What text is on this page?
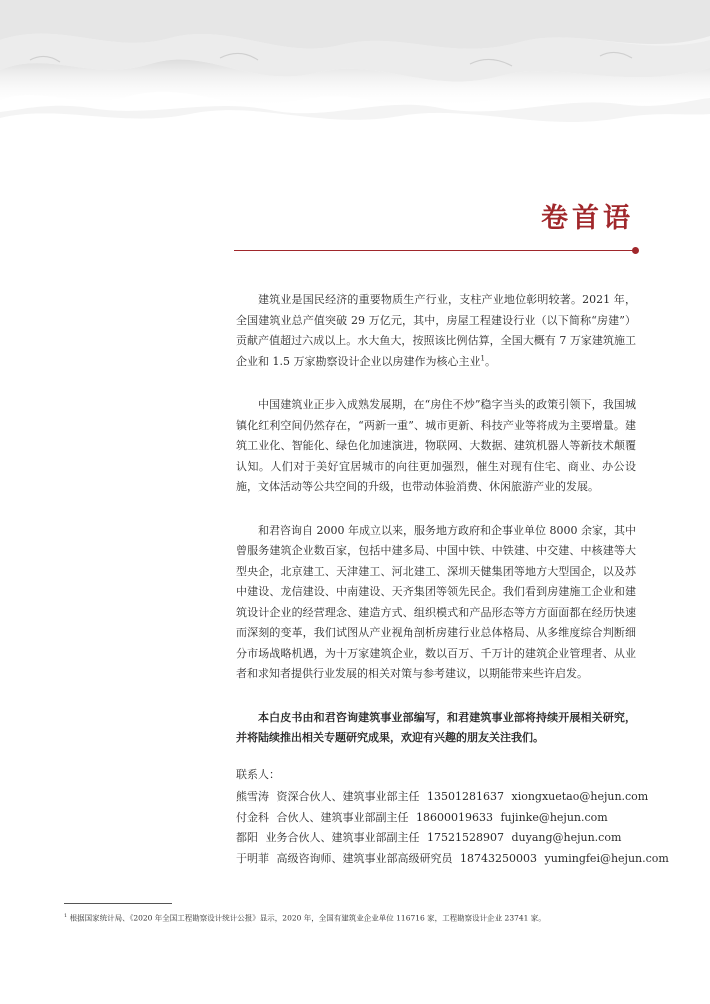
卷首语

建筑业是国民经济的重要物质生产行业，支柱产业地位彰明较著。2021 年，全国建筑业总产值突破 29 万亿元，其中，房屋工程建设行业（以下简称“房建”）贡献产值超过六成以上。水大鱼大，按照该比例估算，全国大概有 7 万家建筑施工企业和 1.5 万家勘察设计企业以房建作为核心主业$^1$。

中国建筑业正步入成熟发展期，在“房住不炒”稳字当头的政策引领下，我国城镇化红利空间仍然存在，“两新一重”、城市更新、科技产业等将成为主要增量。建筑工业化、智能化、绿色化加速演进，物联网、大数据、建筑机器人等新技术颠覆认知。人们对于美好宜居城市的向往更加强烈，催生对现有住宅、商业、办公设施，文体活动等公共空间的升级，也带动体验消费、休闲旅游产业的发展。

和君咨询自 2000 年成立以来，服务地方政府和企事业单位 8000 余家，其中曾服务建筑企业数百家，包括中建多局、中国中铁、中铁建、中交建、中核建等大型央企，北京建工、天津建工、河北建工、深圳天健集团等地方大型国企，以及苏中建设、龙信建设、中南建设、天齐集团等领先民企。我们看到房建施工企业和建筑设计企业的经营理念、建造方式、组织模式和产品形态等方方面面都在经历快速而深刻的变革，我们试图从产业视角剖析房建行业总体格局、从多维度综合判断细分市场战略机遇，为十万家建筑企业，数以百万、千万计的建筑企业管理者、从业者和求知者提供行业发展的相关对策与参考建议，以期能带来些许启发。

本白皮书由和君咨询建筑事业部编写，和君建筑事业部将持续开展相关研究，并将陆续推出相关专题研究成果，欢迎有兴趣的朋友关注我们。

联系人：
熊雪涛 资深合伙人、建筑事业部主任 13501281637 xiongxuetao@hejun.com
付金科 合伙人、建筑事业部副主任 18600019633 fujinke@hejun.com
都阳 业务合伙人、建筑事业部副主任 17521528907 duyang@hejun.com
于明菲 高级咨询师、建筑事业部高级研究员 18743250003 yumingfei@hejun.com
$^1$ 根据国家统计局、《2020 年全国工程勘察设计统计公报》显示，2020 年，全国有建筑业企业单位 116716 家，工程勘察设计企业 23741 家。
